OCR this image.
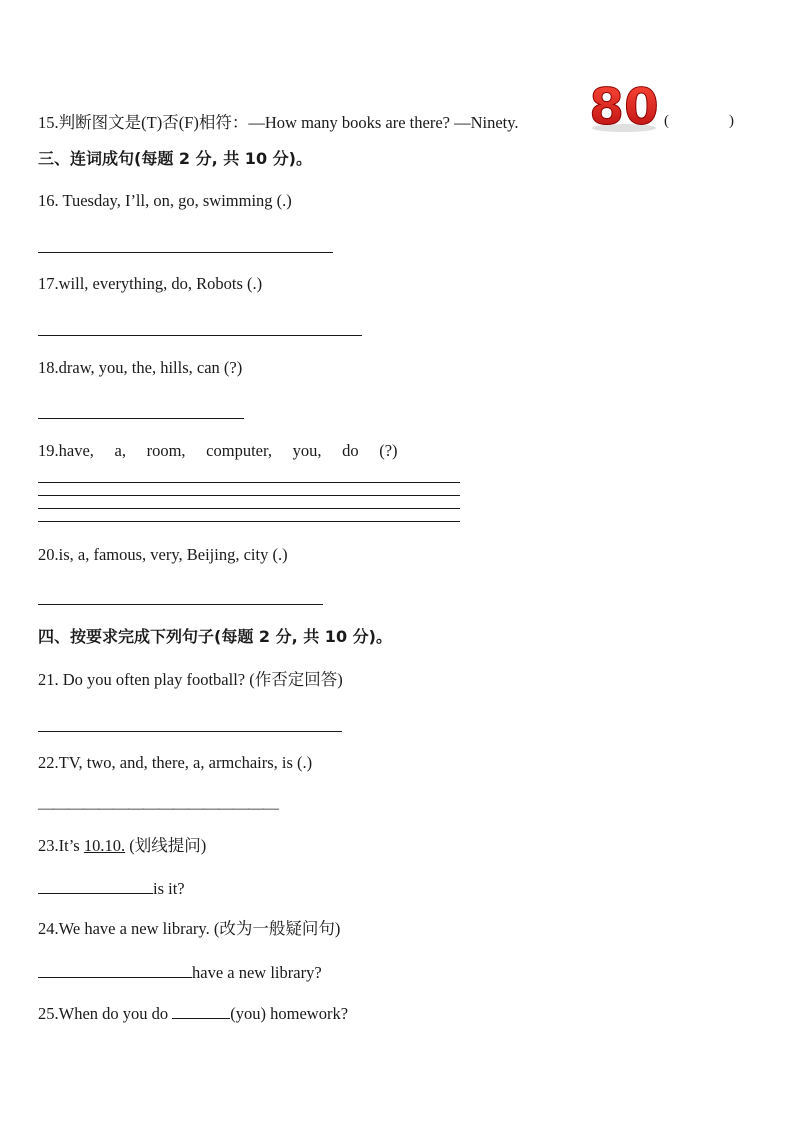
15.判断图文是(T)否(F)相符：—How many books are there? —Ninety. 80 (	)
三、连词成句(每题 2 分, 共 10 分)。
16. Tuesday, I’ll, on, go, swimming (.)
17.will, everything, do, Robots (.)
18.draw, you, the, hills, can (?)
19.have,     a,     room,     computer,     you,     do     (?)
20.is, a, famous, very, Beijing, city (.)
四、按要求完成下列句子(每题 2 分, 共 10 分)。
21. Do you often play football? (作否定回答)
22.TV, two, and, there, a, armchairs, is (.)
————————————————
23.It’s 10.10. (划线提问)
is it?
24.We have a new library. (改为一般疑问句)
have a new library?
25.When do you do	(you) homework?
